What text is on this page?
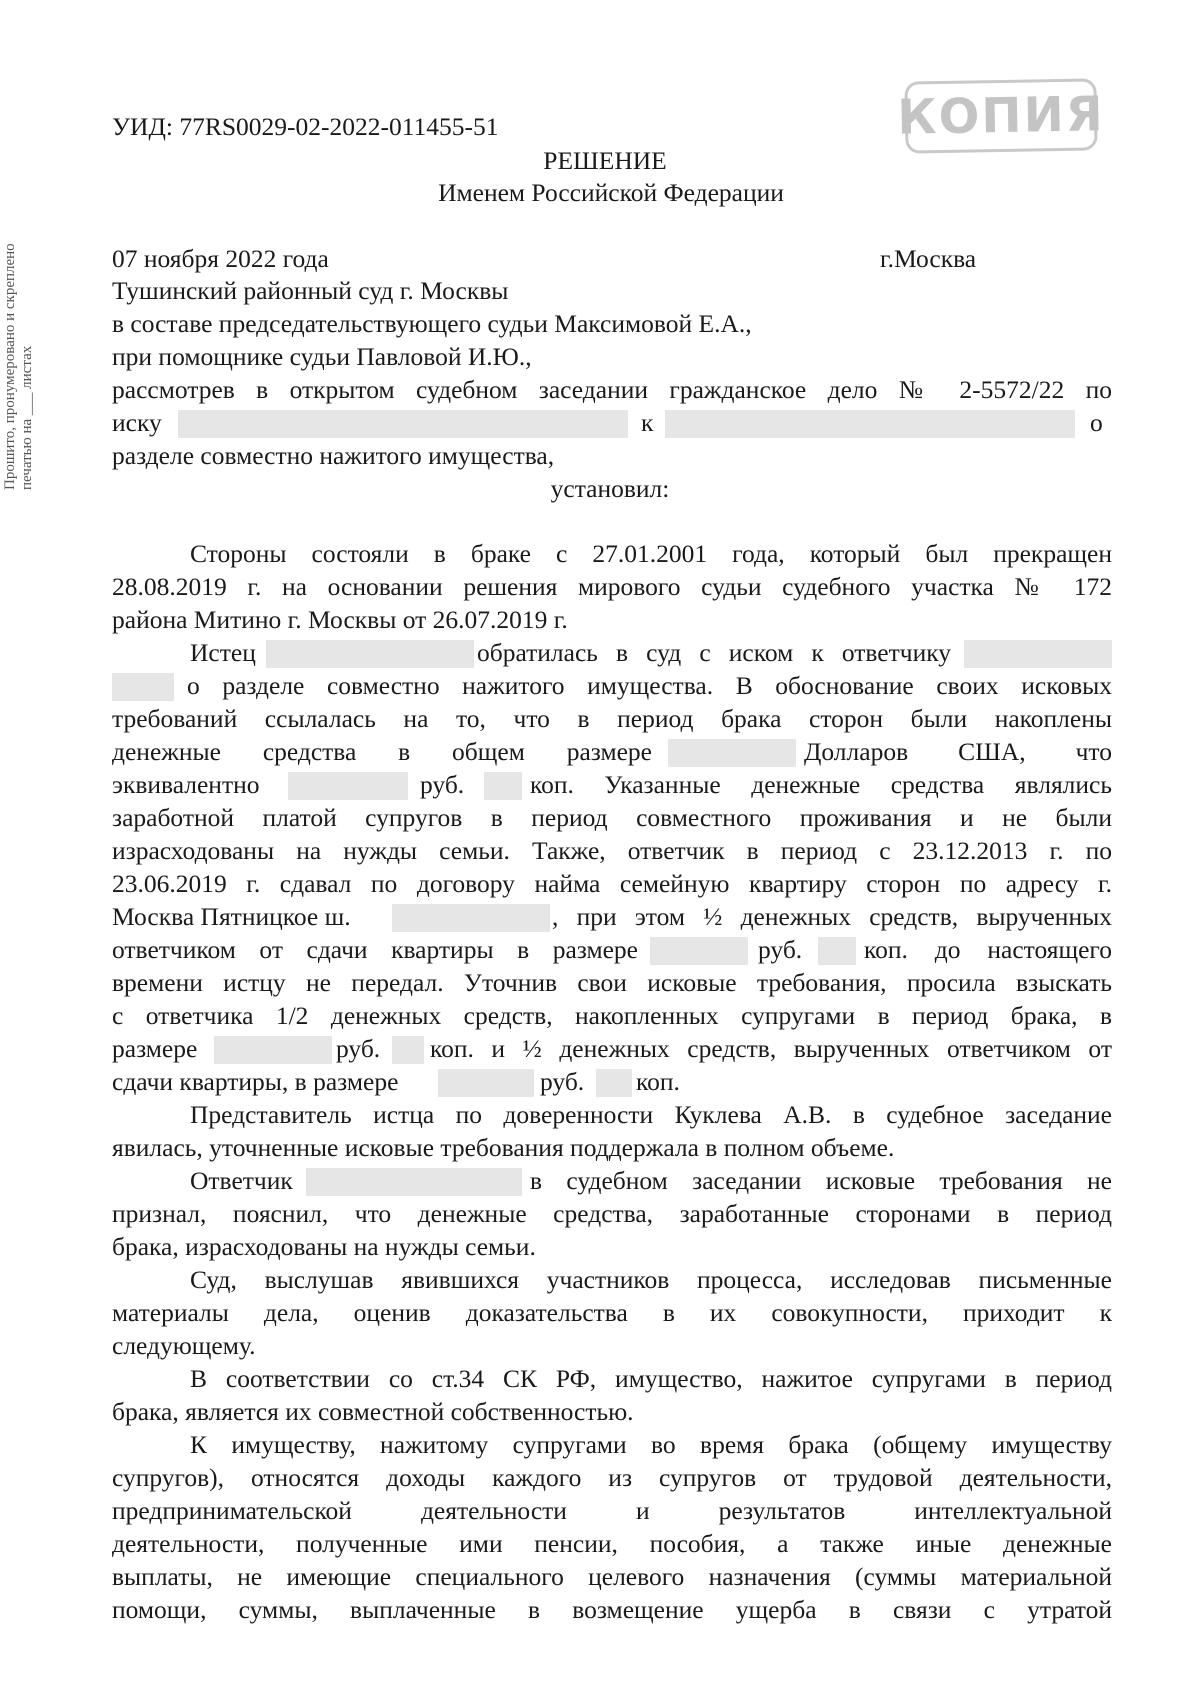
КОПИЯ
Прошито, пронумеровано и скреплено печатью на ___ листах
УИД: 77RS0029-02-2022-011455-51
РЕШЕНИЕ
Именем Российской Федерации
07 ноября 2022 года	г.Москва
Тушинский районный суд г. Москвы
в составе председательствующего судьи Максимовой Е.А.,
при помощнике судьи Павловой И.Ю.,
рассмотрев в открытом судебном заседании гражданское дело № 2-5572/22 по
иску	к	о
разделе совместно нажитого имущества,
установил:
Стороны состояли в браке с 27.01.2001 года, который был прекращен
28.08.2019 г. на основании решения мирового судьи судебного участка № 172
района Митино г. Москвы от 26.07.2019 г.
Истец	обратилась в суд с иском к ответчику
о разделе совместно нажитого имущества. В обоснование своих исковых
требований ссылалась на то, что в период брака сторон были накоплены
денежные средства в общем размере	Долларов США, что
эквивалентно	руб.	коп. Указанные денежные средства являлись
заработной платой супругов в период совместного проживания и не были
израсходованы на нужды семьи. Также, ответчик в период с 23.12.2013 г. по
23.06.2019 г. сдавал по договору найма семейную квартиру сторон по адресу г.
Москва Пятницкое ш.	, при этом ½ денежных средств, вырученных
ответчиком от сдачи квартиры в размере	руб. коп. до настоящего
времени истцу не передал. Уточнив свои исковые требования, просила взыскать
с ответчика 1/2 денежных средств, накопленных супругами в период брака, в
размере	руб. коп. и ½ денежных средств, вырученных ответчиком от
сдачи квартиры, в размере	руб. коп.
Представитель истца по доверенности Куклева А.В. в судебное заседание
явилась, уточненные исковые требования поддержала в полном объеме.
Ответчик	в судебном заседании исковые требования не
признал, пояснил, что денежные средства, заработанные сторонами в период
брака, израсходованы на нужды семьи.
Суд, выслушав явившихся участников процесса, исследовав письменные
материалы дела, оценив доказательства в их совокупности, приходит к
следующему.
В соответствии со ст.34 СК РФ, имущество, нажитое супругами в период
брака, является их совместной собственностью.
К имуществу, нажитому супругами во время брака (общему имуществу
супругов), относятся доходы каждого из супругов от трудовой деятельности,
предпринимательской деятельности и результатов интеллектуальной
деятельности, полученные ими пенсии, пособия, а также иные денежные
выплаты, не имеющие специального целевого назначения (суммы материальной
помощи, суммы, выплаченные в возмещение ущерба в связи с утратой
